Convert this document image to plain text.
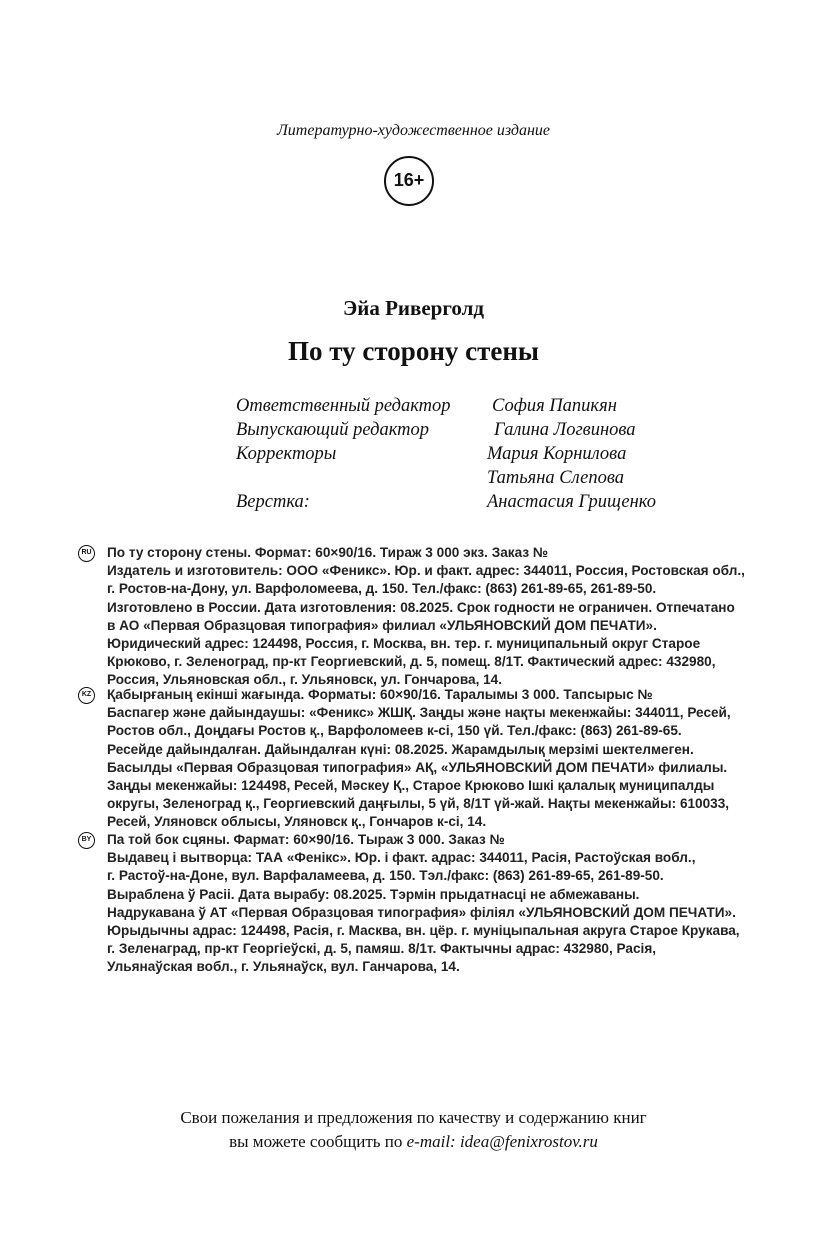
Литературно-художественное издание
16+
Эйа Риверголд
По ту сторону стены
Ответственный редактор София Папикян
Выпускающий редактор	Галина Логвинова
Корректоры	Мария Корнилова
Татьяна Слепова
Верстка:	Анастасия Грищенко
RU По ту сторону стены. Формат: 60×90/16. Тираж 3 000 экз. Заказ №

Издатель и изготовитель: ООО «Феникс». Юр. и факт. адрес: 344011, Россия, Ростовская обл.,

г. Ростов-на-Дону, ул. Варфоломеева, д. 150. Тел./факс: (863) 261-89-65, 261-89-50.

Изготовлено в России. Дата изготовления: 08.2025. Срок годности не ограничен. Отпечатано

в АО «Первая Образцовая типография» филиал «УЛЬЯНОВСКИЙ ДОМ ПЕЧАТИ».

Юридический адрес: 124498, Россия, г. Москва, вн. тер. г. муниципальный округ Старое

Крюково, г. Зеленоград, пр-кт Георгиевский, д. 5, помещ. 8/1Т. Фактический адрес: 432980,

Россия, Ульяновская обл., г. Ульяновск, ул. Гончарова, 14.

KZ Қабырғаның екінші жағында. Форматы: 60×90/16. Таралымы 3 000. Тапсырыс №

Баспагер және дайындаушы: «Феникс» ЖШҚ. Заңды және нақты мекенжайы: 344011, Ресей,

Ростов обл., Доңдағы Ростов қ., Варфоломеев к-сі, 150 үй. Тел./факс: (863) 261-89-65.

Ресейде дайындалған. Дайындалған күні: 08.2025. Жарамдылық мерзімі шектелмеген.

Басылды «Первая Образцовая типография» АҚ, «УЛЬЯНОВСКИЙ ДОМ ПЕЧАТИ» филиалы.

Заңды мекенжайы: 124498, Ресей, Мәскеу Қ., Старое Крюково Ішкі қалалық муниципалды

округы, Зеленоград қ., Георгиевский даңғылы, 5 үй, 8/1Т үй-жай. Нақты мекенжайы: 610033,

Ресей, Уляновск облысы, Уляновск қ., Гончаров к-сі, 14.

BY Па той бок сцяны. Фармат: 60×90/16. Тыраж 3 000. Заказ №

Выдавец і вытворца: ТАА «Фенікс». Юр. і факт. адрас: 344011, Расія, Растоўская вобл.,

г. Растоў-на-Доне, вул. Варфаламеева, д. 150. Тэл./факс: (863) 261-89-65, 261-89-50.

Выраблена ў Расіі. Дата вырабу: 08.2025. Тэрмін прыдатнасці не абмежаваны.

Надрукавана ў АТ «Первая Образцовая типография» філіял «УЛЬЯНОВСКИЙ ДОМ ПЕЧАТИ».

Юрыдычны адрас: 124498, Расія, г. Масква, вн. цёр. г. муніцыпальная акруга Старое Крукава,

г. Зеленаград, пр-кт Георгіеўскі, д. 5, памяш. 8/1т. Фактычны адрас: 432980, Расія,

Ульянаўская вобл., г. Ульянаўск, вул. Ганчарова, 14.

Свои пожелания и предложения по качеству и содержанию книг
вы можете сообщить по e-mail: idea@fenixrostov.ru
